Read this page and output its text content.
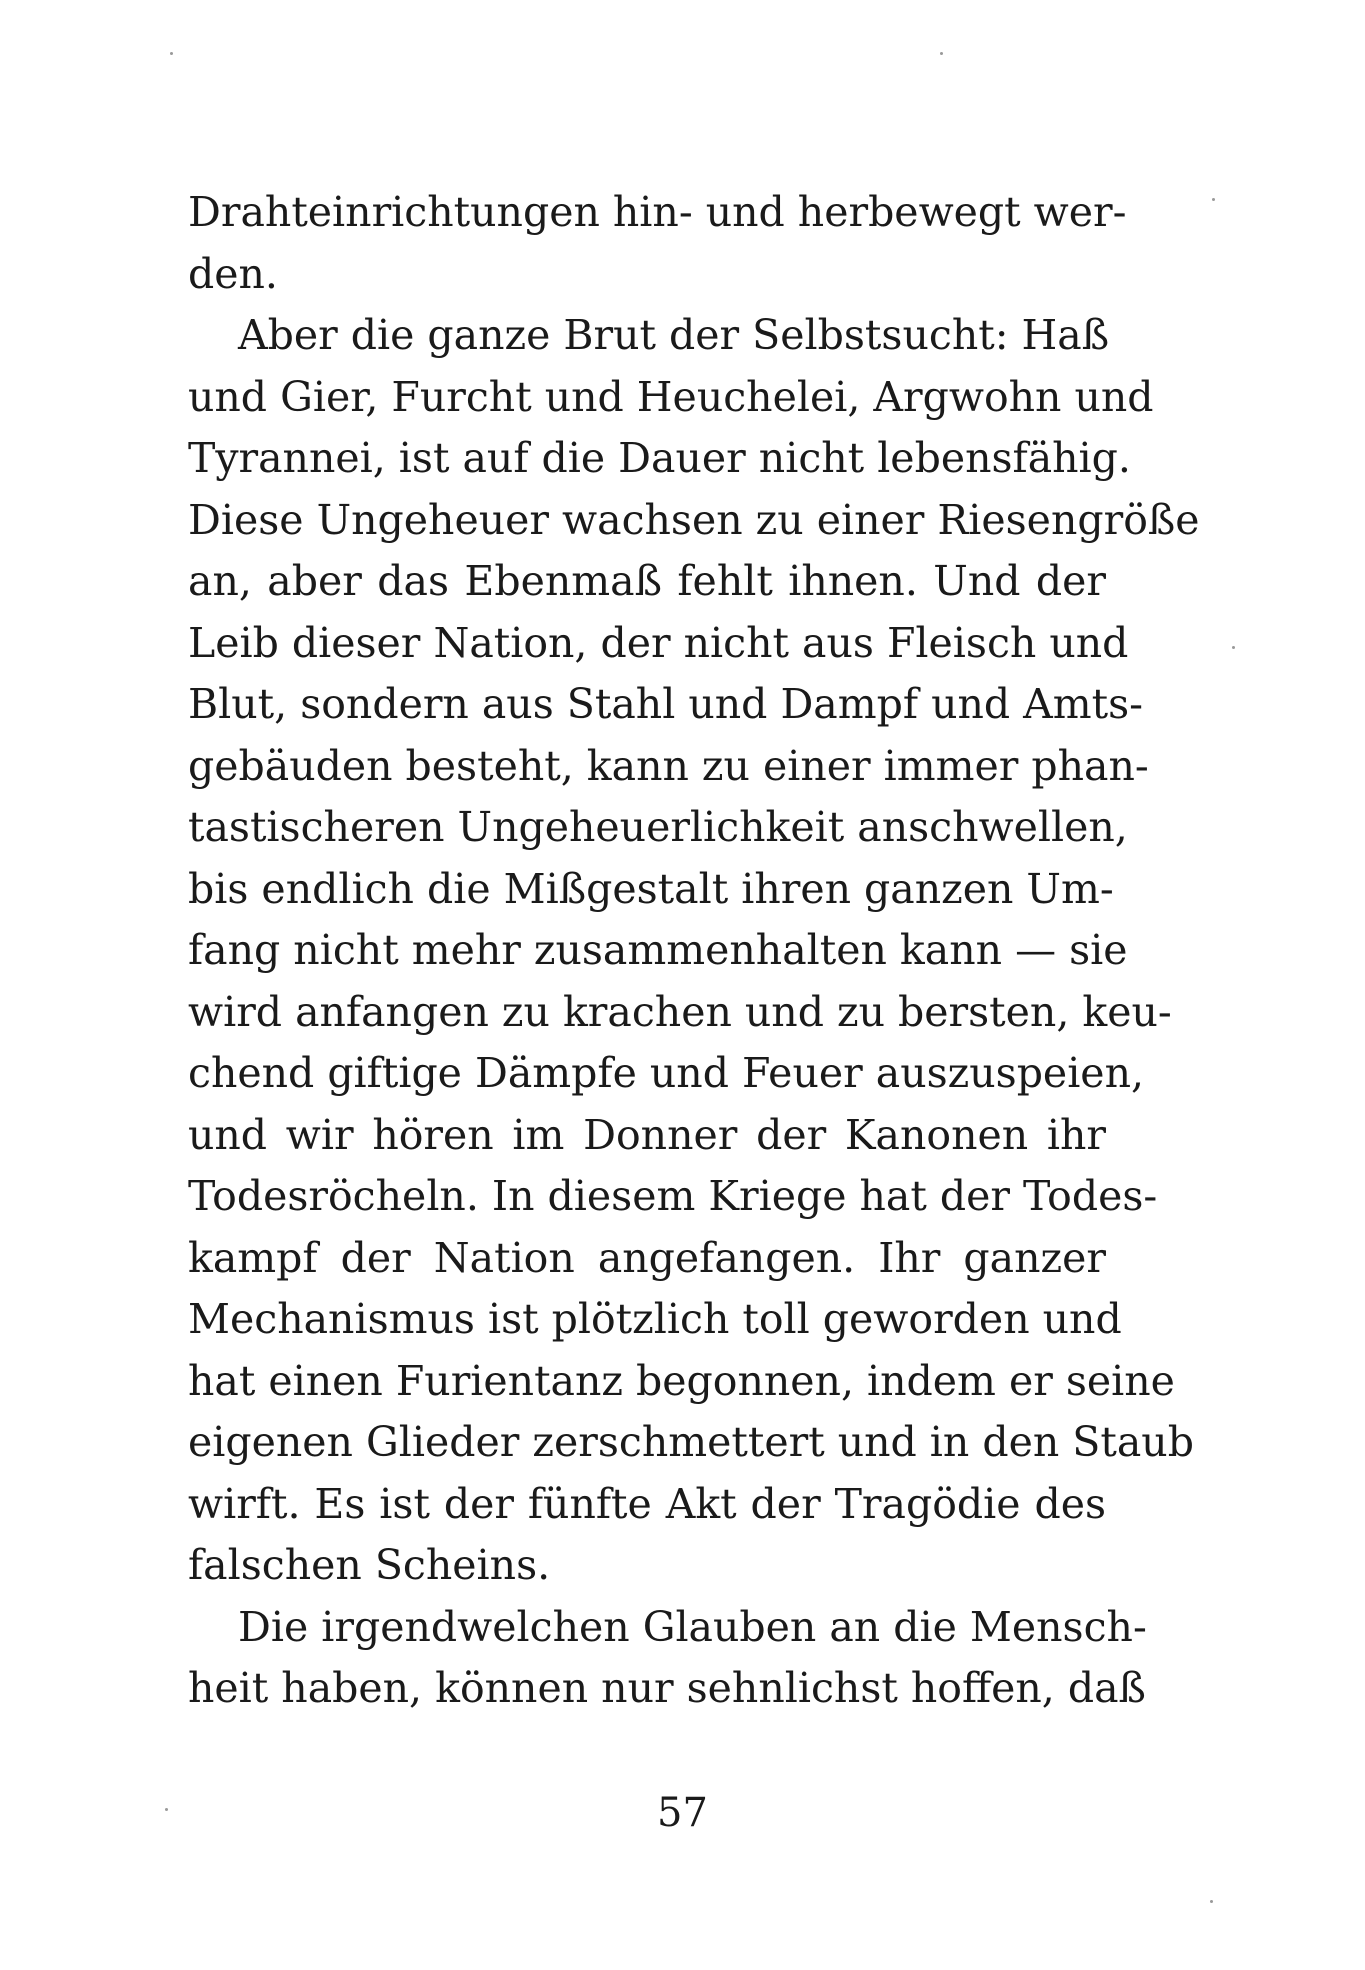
Drahteinrichtungen hin- und herbewegt wer-
den.
Aber die ganze Brut der Selbstsucht: Haß
und Gier, Furcht und Heuchelei, Argwohn und
Tyrannei, ist auf die Dauer nicht lebensfähig.
Diese Ungeheuer wachsen zu einer Riesengröße
an, aber das Ebenmaß fehlt ihnen. Und der
Leib dieser Nation, der nicht aus Fleisch und
Blut, sondern aus Stahl und Dampf und Amts-
gebäuden besteht, kann zu einer immer phan-
tastischeren Ungeheuerlichkeit anschwellen,
bis endlich die Mißgestalt ihren ganzen Um-
fang nicht mehr zusammenhalten kann — sie
wird anfangen zu krachen und zu bersten, keu-
chend giftige Dämpfe und Feuer auszuspeien,
und wir hören im Donner der Kanonen ihr
Todesröcheln. In diesem Kriege hat der Todes-
kampf der Nation angefangen. Ihr ganzer
Mechanismus ist plötzlich toll geworden und
hat einen Furientanz begonnen, indem er seine
eigenen Glieder zerschmettert und in den Staub
wirft. Es ist der fünfte Akt der Tragödie des
falschen Scheins.
Die irgendwelchen Glauben an die Mensch-
heit haben, können nur sehnlichst hoffen, daß
57
